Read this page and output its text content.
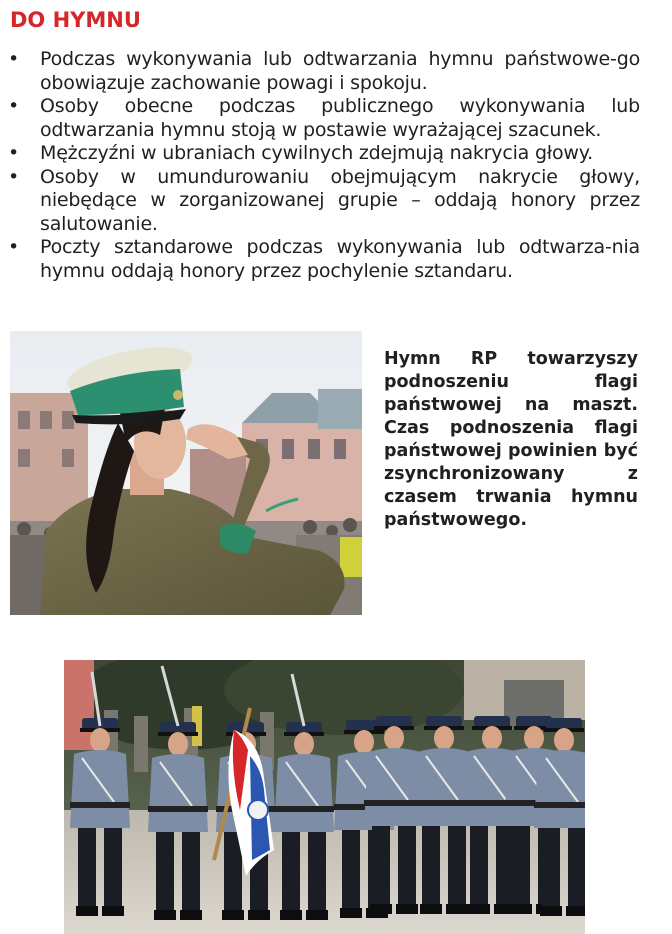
DO HYMNU
• Podczas wykonywania lub odtwarzania hymnu państwowe-go obowiązuje zachowanie powagi i spokoju.
• Osoby obecne podczas publicznego wykonywania lub odtwarzania hymnu stoją w postawie wyrażającej szacunek.
• Mężczyźni w ubraniach cywilnych zdejmują nakrycia głowy.
• Osoby w umundurowaniu obejmującym nakrycie głowy, niebędące w zorganizowanej grupie – oddają honory przez salutowanie.
• Poczty sztandarowe podczas wykonywania lub odtwarza-nia hymnu oddają honory przez pochylenie sztandaru.

Hymn RP towarzyszy podnoszeniu flagi państwowej na maszt. Czas podnoszenia flagi państwowej powinien być zsynchronizowany z czasem trwania hymnu państwowego.
